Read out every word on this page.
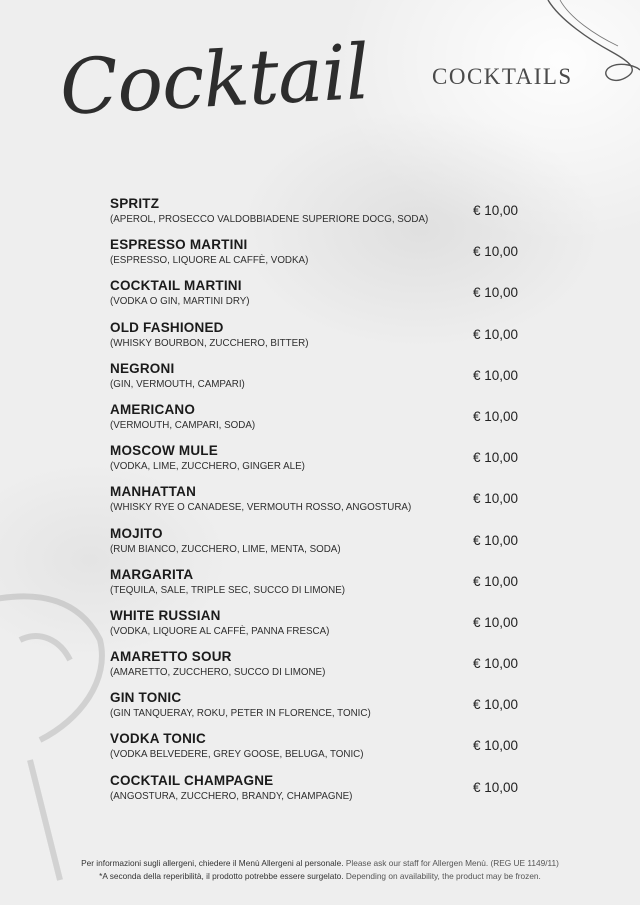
Cocktail	COCKTAILS
SPRITZ
(APEROL, PROSECCO VALDOBBIADENE SUPERIORE DOCG, SODA)
€ 10,00
ESPRESSO MARTINI
(ESPRESSO, LIQUORE AL CAFFÈ, VODKA)
€ 10,00
COCKTAIL MARTINI
(VODKA O GIN, MARTINI DRY)
€ 10,00
OLD FASHIONED
(WHISKY BOURBON, ZUCCHERO, BITTER)
€ 10,00
NEGRONI
(GIN, VERMOUTH, CAMPARI)
€ 10,00
AMERICANO
(VERMOUTH, CAMPARI, SODA)
€ 10,00
MOSCOW MULE
(VODKA, LIME, ZUCCHERO, GINGER ALE)
€ 10,00
MANHATTAN
(WHISKY RYE O CANADESE, VERMOUTH ROSSO, ANGOSTURA)
€ 10,00
MOJITO
(RUM BIANCO, ZUCCHERO, LIME, MENTA, SODA)
€ 10,00
MARGARITA
(TEQUILA, SALE, TRIPLE SEC, SUCCO DI LIMONE)
€ 10,00
WHITE RUSSIAN
(VODKA, LIQUORE AL CAFFÈ, PANNA FRESCA)
€ 10,00
AMARETTO SOUR
(AMARETTO, ZUCCHERO, SUCCO DI LIMONE)
€ 10,00
GIN TONIC
(GIN TANQUERAY, ROKU, PETER IN FLORENCE, TONIC)
€ 10,00
VODKA TONIC
(VODKA BELVEDERE, GREY GOOSE, BELUGA, TONIC)
€ 10,00
COCKTAIL CHAMPAGNE
(ANGOSTURA, ZUCCHERO, BRANDY, CHAMPAGNE)
€ 10,00
Per informazioni sugli allergeni, chiedere il Menù Allergeni al personale. Please ask our staff for Allergen Menù. (REG UE 1149/11)
*A seconda della reperibilità, il prodotto potrebbe essere surgelato. Depending on availability, the product may be frozen.
